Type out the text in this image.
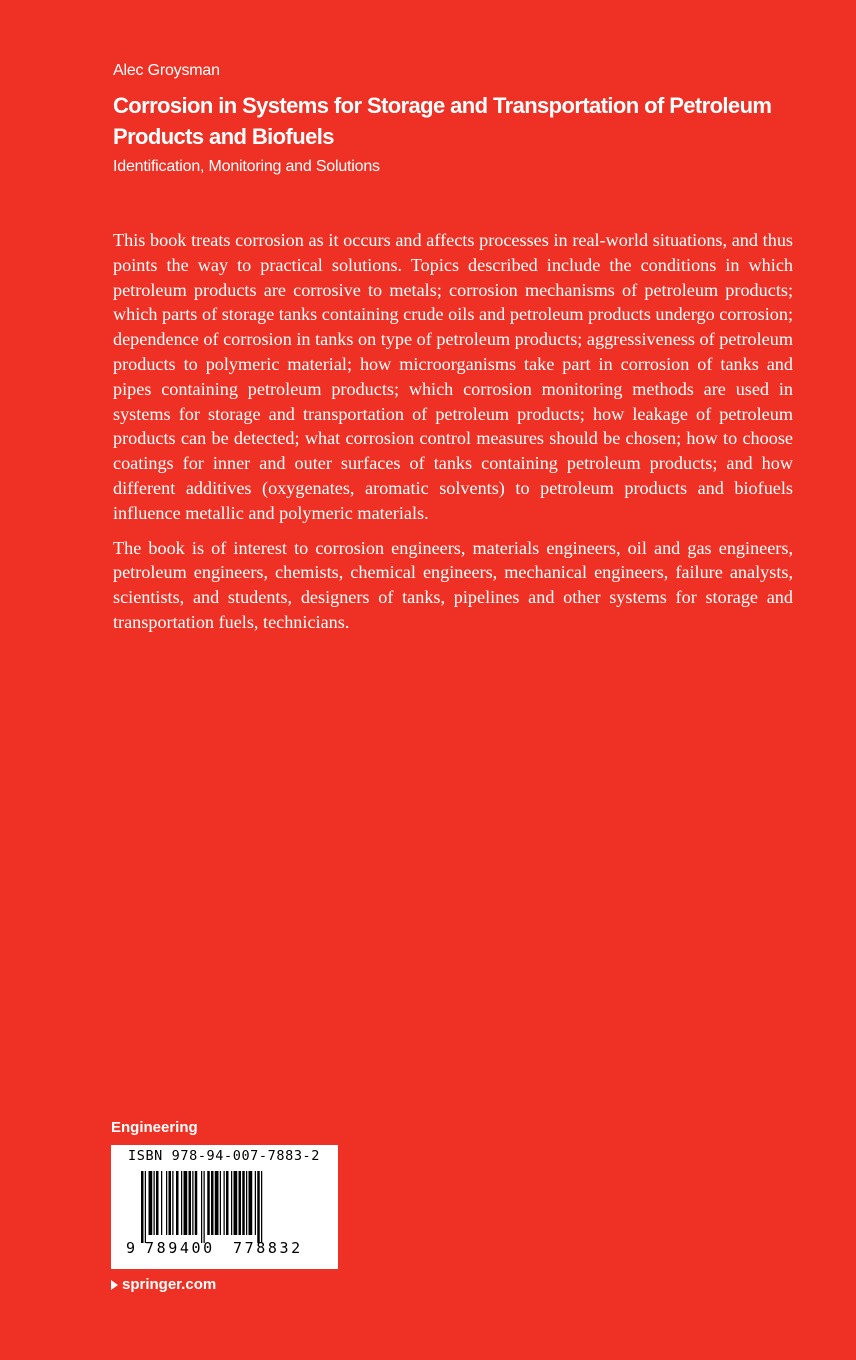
Alec Groysman
Corrosion in Systems for Storage and Transportation of Petroleum Products and Biofuels
Identification, Monitoring and Solutions

This book treats corrosion as it occurs and affects processes in real-world situations, and thus points the way to practical solutions. Topics described include the conditions in which petroleum products are corrosive to metals; corrosion mechanisms of petroleum products; which parts of storage tanks containing crude oils and petroleum products undergo corrosion; dependence of corrosion in tanks on type of petroleum products; aggressiveness of petroleum products to polymeric material; how microorganisms take part in corrosion of tanks and pipes containing petroleum products; which corrosion monitoring methods are used in systems for storage and transportation of petroleum products; how leakage of petroleum products can be detected; what corrosion control measures should be chosen; how to choose coatings for inner and outer surfaces of tanks containing petroleum products; and how different additives (oxygenates, aromatic solvents) to petroleum products and biofuels influence metallic and polymeric materials.

The book is of interest to corrosion engineers, materials engineers, oil and gas engineers, petroleum engineers, chemists, chemical engineers, mechanical engineers, failure analysts, scientists, and students, designers of tanks, pipelines and other systems for storage and transportation fuels, technicians.

Engineering
ISBN 978-94-007-7883-2
9 789400 778832
springer.com
